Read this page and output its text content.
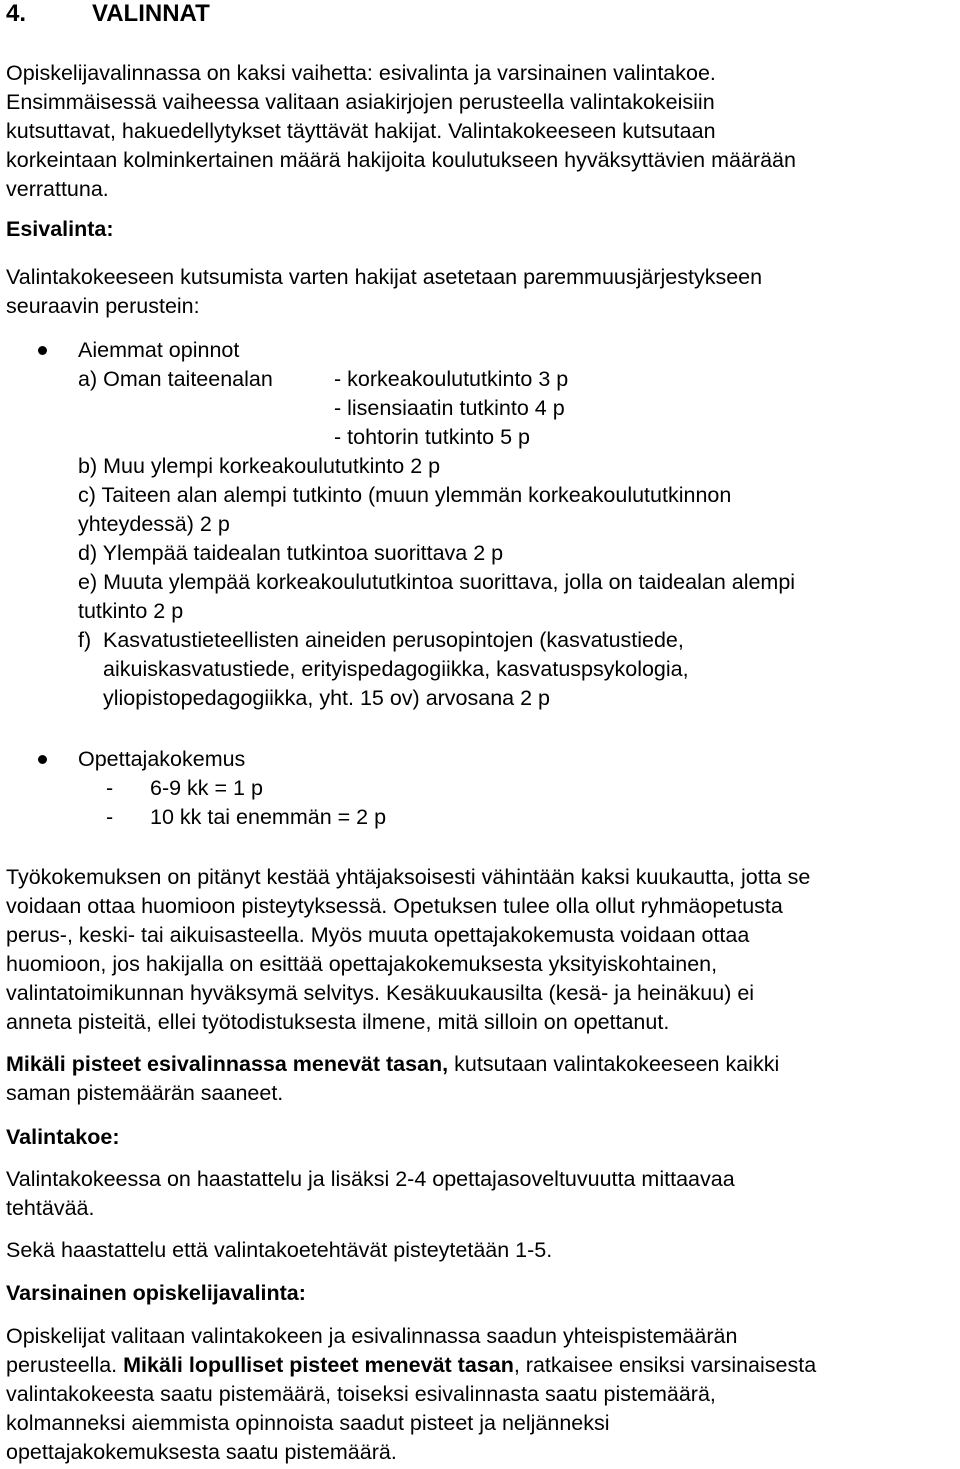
4.	VALINNAT
Opiskelijavalinnassa on kaksi vaihetta: esivalinta ja varsinainen valintakoe.
Ensimmäisessä vaiheessa valitaan asiakirjojen perusteella valintakokeisiin
kutsuttavat, hakuedellytykset täyttävät hakijat. Valintakokeeseen kutsutaan
korkeintaan kolminkertainen määrä hakijoita koulutukseen hyväksyttävien määrään
verrattuna.
Esivalinta:
Valintakokeeseen kutsumista varten hakijat asetetaan paremmuusjärjestykseen
seuraavin perustein:
Aiemmat opinnot
a) Oman taiteenalan	- korkeakoulututkinto 3 p
- lisensiaatin tutkinto 4 p
- tohtorin tutkinto 5 p
b) Muu ylempi korkeakoulututkinto 2 p
c) Taiteen alan alempi tutkinto (muun ylemmän korkeakoulututkinnon
yhteydessä) 2 p
d) Ylempää taidealan tutkintoa suorittava 2 p
e) Muuta ylempää korkeakoulututkintoa suorittava, jolla on taidealan alempi
tutkinto 2 p
f) Kasvatustieteellisten aineiden perusopintojen (kasvatustiede,
aikuiskasvatustiede, erityispedagogiikka, kasvatuspsykologia,
yliopistopedagogiikka, yht. 15 ov) arvosana 2 p
Opettajakokemus
- 6-9 kk = 1 p
- 10 kk tai enemmän = 2 p
Työkokemuksen on pitänyt kestää yhtäjaksoisesti vähintään kaksi kuukautta, jotta se
voidaan ottaa huomioon pisteytyksessä. Opetuksen tulee olla ollut ryhmäopetusta
perus-, keski- tai aikuisasteella. Myös muuta opettajakokemusta voidaan ottaa
huomioon, jos hakijalla on esittää opettajakokemuksesta yksityiskohtainen,
valintatoimikunnan hyväksymä selvitys. Kesäkuukausilta (kesä- ja heinäkuu) ei
anneta pisteitä, ellei työtodistuksesta ilmene, mitä silloin on opettanut.
Mikäli pisteet esivalinnassa menevät tasan, kutsutaan valintakokeeseen kaikki
saman pistemäärän saaneet.
Valintakoe:
Valintakokeessa on haastattelu ja lisäksi 2-4 opettajasoveltuvuutta mittaavaa
tehtävää.
Sekä haastattelu että valintakoetehtävät pisteytetään 1-5.
Varsinainen opiskelijavalinta:
Opiskelijat valitaan valintakokeen ja esivalinnassa saadun yhteispistemäärän
perusteella. Mikäli lopulliset pisteet menevät tasan, ratkaisee ensiksi varsinaisesta
valintakokeesta saatu pistemäärä, toiseksi esivalinnasta saatu pistemäärä,
kolmanneksi aiemmista opinnoista saadut pisteet ja neljänneksi
opettajakokemuksesta saatu pistemäärä.
